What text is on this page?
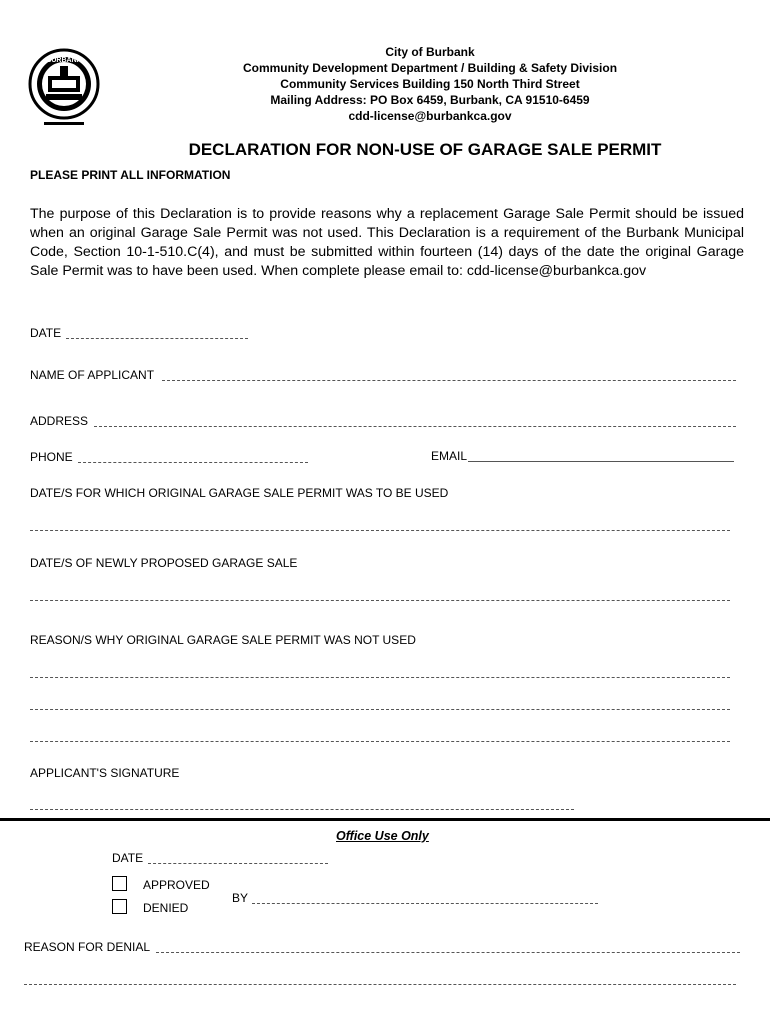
BURBANK
City of Burbank
Community Development Department / Building & Safety Division
Community Services Building 150 North Third Street
Mailing Address: PO Box 6459, Burbank, CA 91510-6459
cdd-license@burbankca.gov
DECLARATION FOR NON-USE OF GARAGE SALE PERMIT
PLEASE PRINT ALL INFORMATION
The purpose of this Declaration is to provide reasons why a replacement Garage Sale Permit should be issued when an original Garage Sale Permit was not used. This Declaration is a requirement of the Burbank Municipal Code, Section 10-1-510.C(4), and must be submitted within fourteen (14) days of the date the original Garage Sale Permit was to have been used. When complete please email to: cdd-license@burbankca.gov
DATE
NAME OF APPLICANT
ADDRESS
PHONE	EMAIL
DATE/S FOR WHICH ORIGINAL GARAGE SALE PERMIT WAS TO BE USED
DATE/S OF NEWLY PROPOSED GARAGE SALE
REASON/S WHY ORIGINAL GARAGE SALE PERMIT WAS NOT USED
APPLICANT'S SIGNATURE
Office Use Only
DATE
APPROVED
DENIED
BY
REASON FOR DENIAL
